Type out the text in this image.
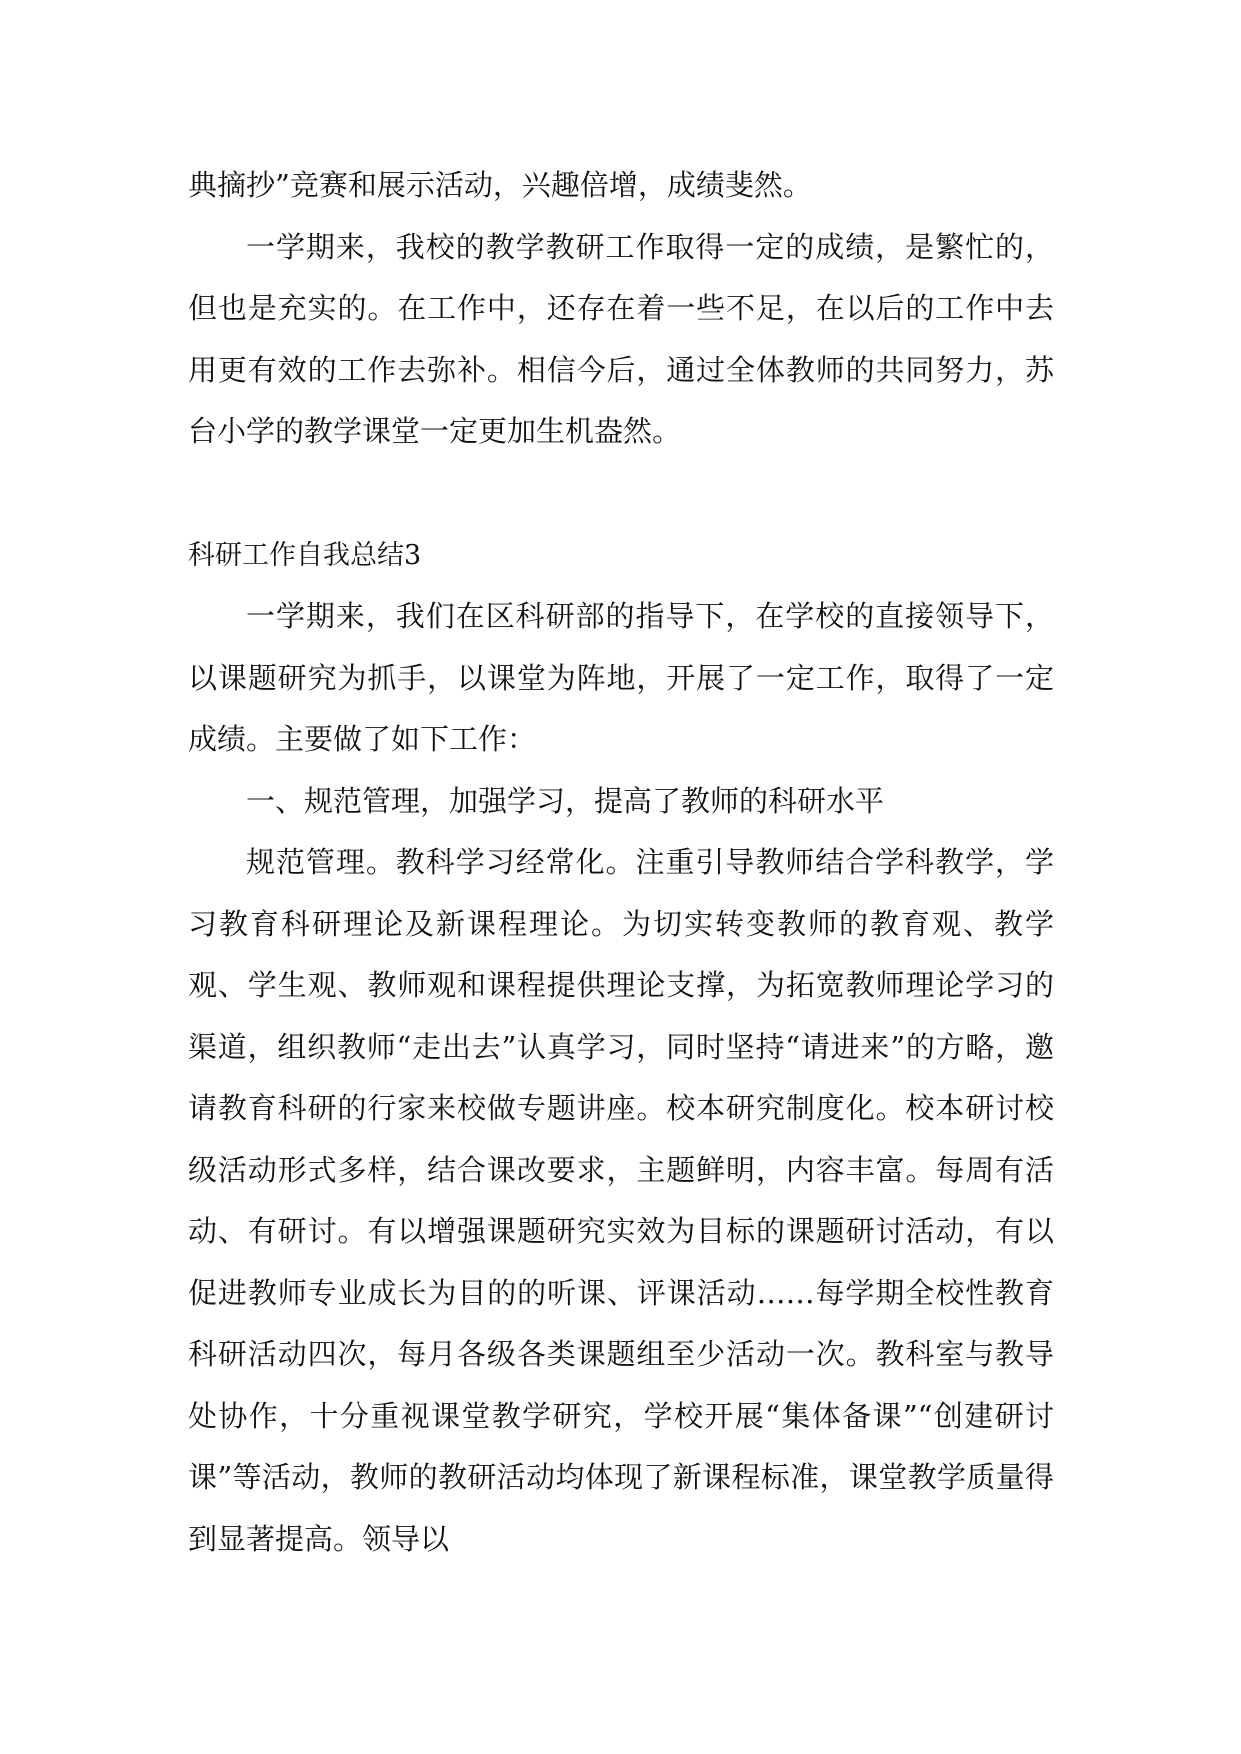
典摘抄”竞赛和展示活动，兴趣倍增，成绩斐然。

一学期来，我校的教学教研工作取得一定的成绩，是繁忙的，但也是充实的。在工作中，还存在着一些不足，在以后的工作中去用更有效的工作去弥补。相信今后，通过全体教师的共同努力，苏台小学的教学课堂一定更加生机盎然。

科研工作自我总结3

一学期来，我们在区科研部的指导下，在学校的直接领导下，以课题研究为抓手，以课堂为阵地，开展了一定工作，取得了一定成绩。主要做了如下工作：

一、规范管理，加强学习，提高了教师的科研水平

规范管理。教科学习经常化。注重引导教师结合学科教学，学习教育科研理论及新课程理论。为切实转变教师的教育观、教学观、学生观、教师观和课程提供理论支撑，为拓宽教师理论学习的渠道，组织教师“走出去”认真学习，同时坚持“请进来”的方略，邀请教育科研的行家来校做专题讲座。校本研究制度化。校本研讨校级活动形式多样，结合课改要求，主题鲜明，内容丰富。每周有活动、有研讨。有以增强课题研究实效为目标的课题研讨活动，有以促进教师专业成长为目的的听课、评课活动……每学期全校性教育科研活动四次，每月各级各类课题组至少活动一次。教科室与教导处协作，十分重视课堂教学研究，学校开展“集体备课”“创建研讨课”等活动，教师的教研活动均体现了新课程标准，课堂教学质量得到显著提高。领导以
